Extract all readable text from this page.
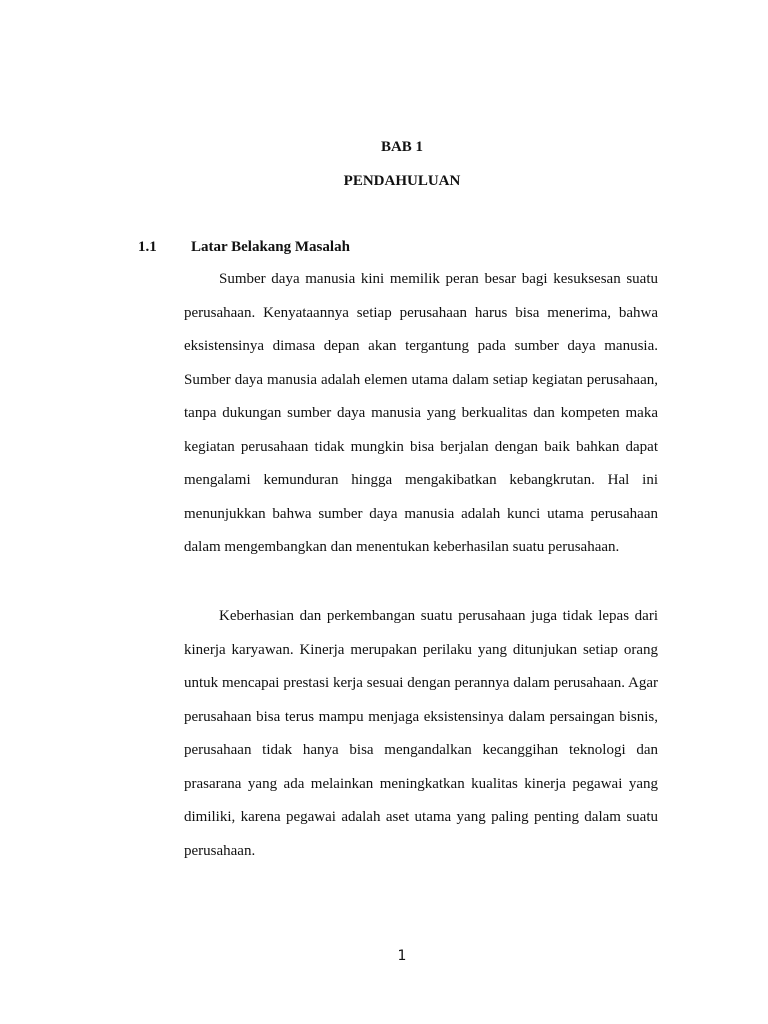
BAB 1
PENDAHULUAN
1.1 Latar Belakang Masalah

Sumber daya manusia kini memilik peran besar bagi kesuksesan suatu perusahaan. Kenyataannya setiap perusahaan harus bisa menerima, bahwa eksistensinya dimasa depan akan tergantung pada sumber daya manusia. Sumber daya manusia adalah elemen utama dalam setiap kegiatan perusahaan, tanpa dukungan sumber daya manusia yang berkualitas dan kompeten maka kegiatan perusahaan tidak mungkin bisa berjalan dengan baik bahkan dapat mengalami kemunduran hingga mengakibatkan kebangkrutan. Hal ini menunjukkan bahwa sumber daya manusia adalah kunci utama perusahaan dalam mengembangkan dan menentukan keberhasilan suatu perusahaan.

Keberhasian dan perkembangan suatu perusahaan juga tidak lepas dari kinerja karyawan. Kinerja merupakan perilaku yang ditunjukan setiap orang untuk mencapai prestasi kerja sesuai dengan perannya dalam perusahaan. Agar perusahaan bisa terus mampu menjaga eksistensinya dalam persaingan bisnis, perusahaan tidak hanya bisa mengandalkan kecanggihan teknologi dan prasarana yang ada melainkan meningkatkan kualitas kinerja pegawai yang dimiliki, karena pegawai adalah aset utama yang paling penting dalam suatu perusahaan.

1
